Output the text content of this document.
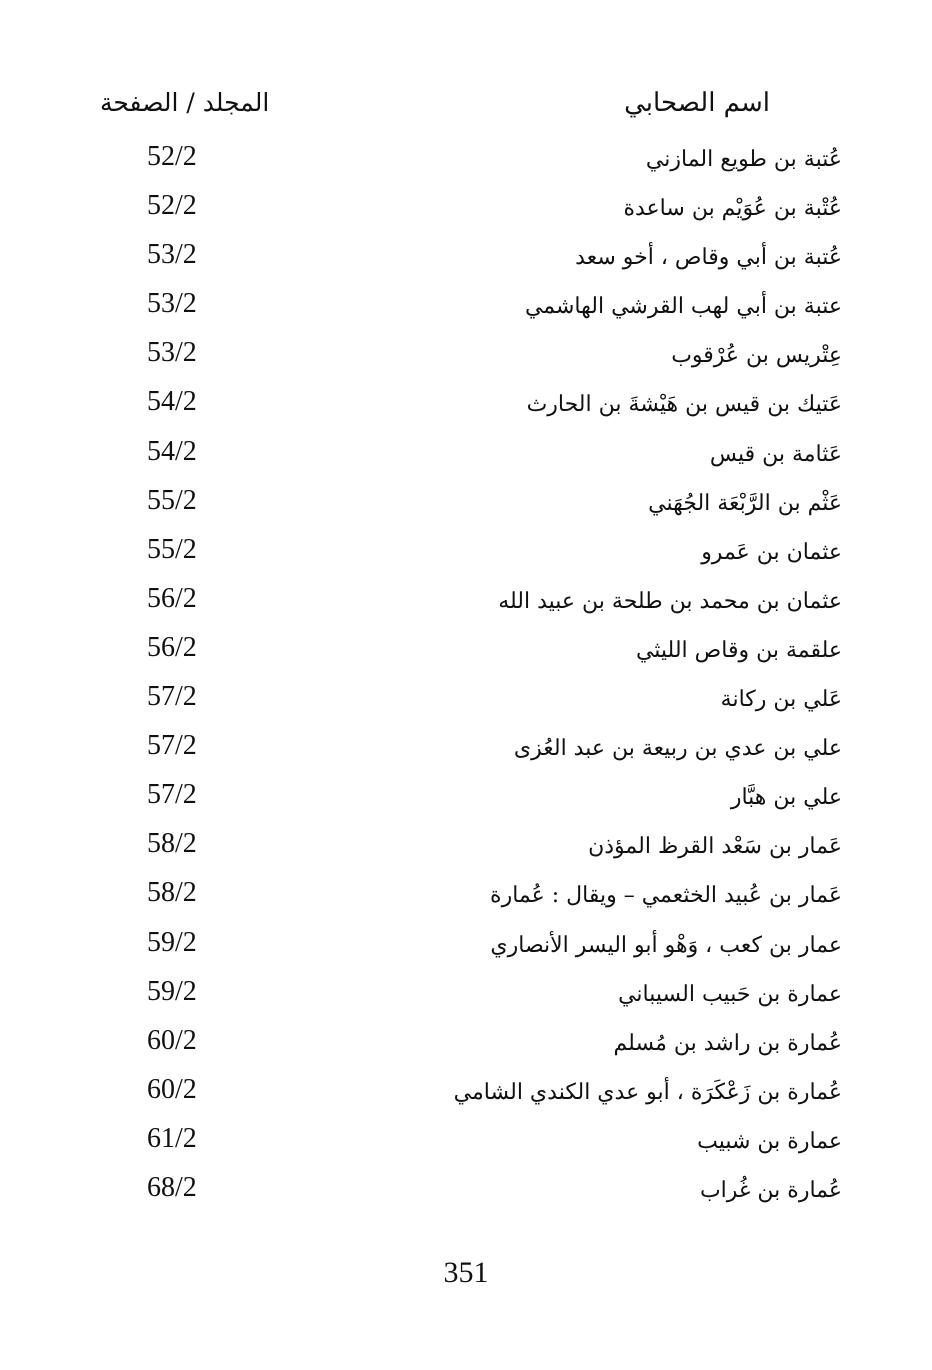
اسم الصحابي
المجلد / الصفحة
عُتبة بن طويع المازني
52/2
عُتْبة بن عُوَيْم بن ساعدة
52/2
عُتبة بن أبي وقاص ، أخو سعد
53/2
عتبة بن أبي لهب القرشي الهاشمي
53/2
عِتْريس بن عُرْقوب
53/2
عَتيك بن قيس بن هَيْشةَ بن الحارث
54/2
عَثامة بن قيس
54/2
عَثْم بن الرَّبْعَة الجُهَني
55/2
عثمان بن عَمرو
55/2
عثمان بن محمد بن طلحة بن عبيد الله
56/2
علقمة بن وقاص الليثي
56/2
عَلي بن ركانة
57/2
علي بن عدي بن ربيعة بن عبد العُزى
57/2
علي بن هبَّار
57/2
عَمار بن سَعْد القرظ المؤذن
58/2
عَمار بن عُبيد الخثعمي – ويقال : عُمارة
58/2
عمار بن كعب ، وَهْو أبو اليسر الأنصاري
59/2
عمارة بن حَبيب السيباني
59/2
عُمارة بن راشد بن مُسلم
60/2
عُمارة بن زَعْكَرَة ، أبو عدي الكندي الشامي
60/2
عمارة بن شبيب
61/2
عُمارة بن غُراب
68/2
351
